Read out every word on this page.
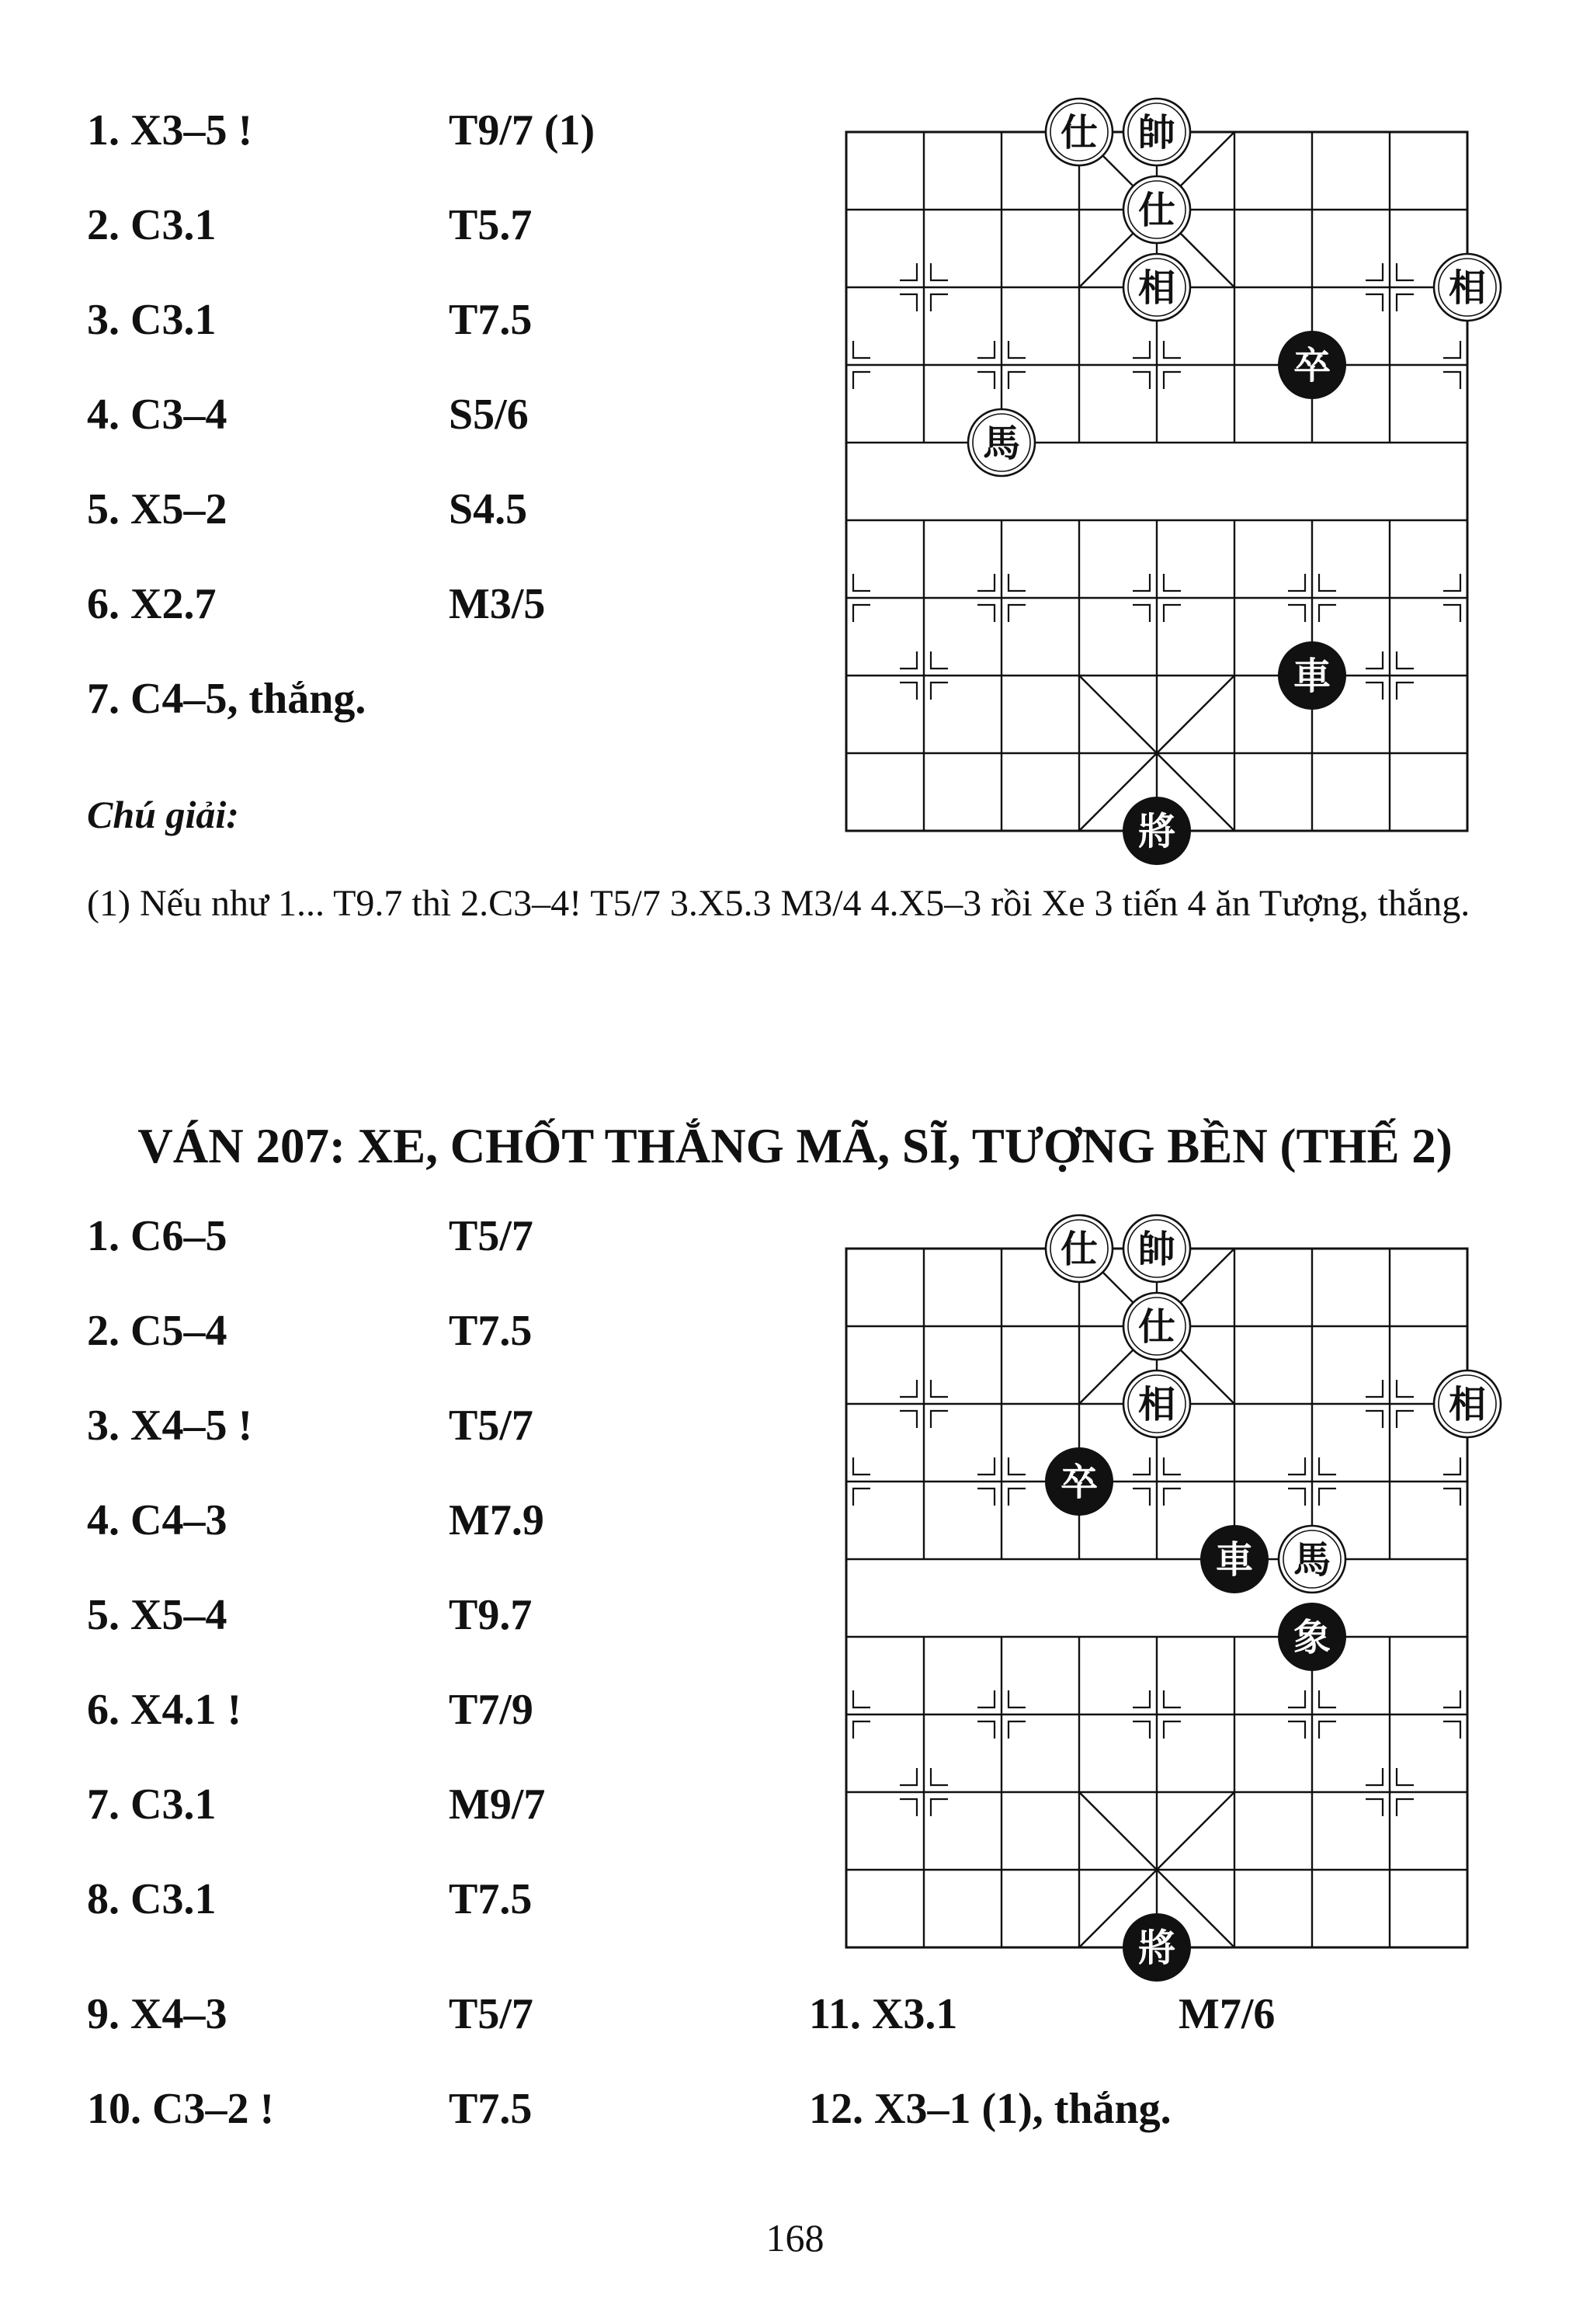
1. X3–5 !	T9/7 (1)
2. C3.1	T5.7
3. C3.1	T7.5
4. C3–4	S5/6
5. X5–2	S4.5
6. X2.7	M3/5
7. C4–5, thắng.
仕 帥
仕
相	相
卒
馬
車
將
Chú giải:
(1) Nếu như 1... T9.7 thì 2.C3–4! T5/7 3.X5.3 M3/4 4.X5–3 rồi Xe 3 tiến 4 ăn Tượng, thắng.
VÁN 207: XE, CHỐT THẮNG MÃ, SĨ, TƯỢNG BỀN (THẾ 2)
1. C6–5	T5/7
2. C5–4	T7.5
3. X4–5 !	T5/7
4. C4–3	M7.9
5. X5–4	T9.7
6. X4.1 !	T7/9
7. C3.1	M9/7
8. C3.1	T7.5
9. X4–3	T5/7
10. C3–2 !	T7.5
11. X3.1	M7/6
12. X3–1 (1), thắng.
仕 帥
仕
相	相
卒
車 馬
象
將
168
